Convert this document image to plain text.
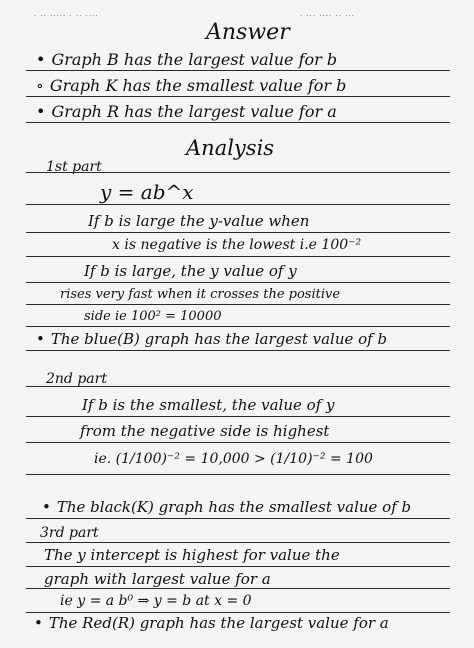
· ·· ····· · ·· ····	· ··· ···· ·· ···
Answer
• Graph B has the largest value for b
∘ Graph K has the smallest value for b
• Graph R has the largest value for a
Analysis
1st part
y = ab^x
If b is large the y-value when
x is negative is the lowest i.e 100⁻²
If b is large, the y value of y
rises very fast when it crosses the positive
side ie 100² = 10000
• The blue(B) graph has the largest value of b
2nd part
If b is the smallest, the value of y
from the negative side is highest
ie. (1/100)⁻² = 10,000 > (1/10)⁻² = 100
• The black(K) graph has the smallest value of b
3rd part
The y intercept is highest for value the
graph with largest value for a
ie y = a b⁰ ⇒ y = b at x = 0
• The Red(R) graph has the largest value for a
